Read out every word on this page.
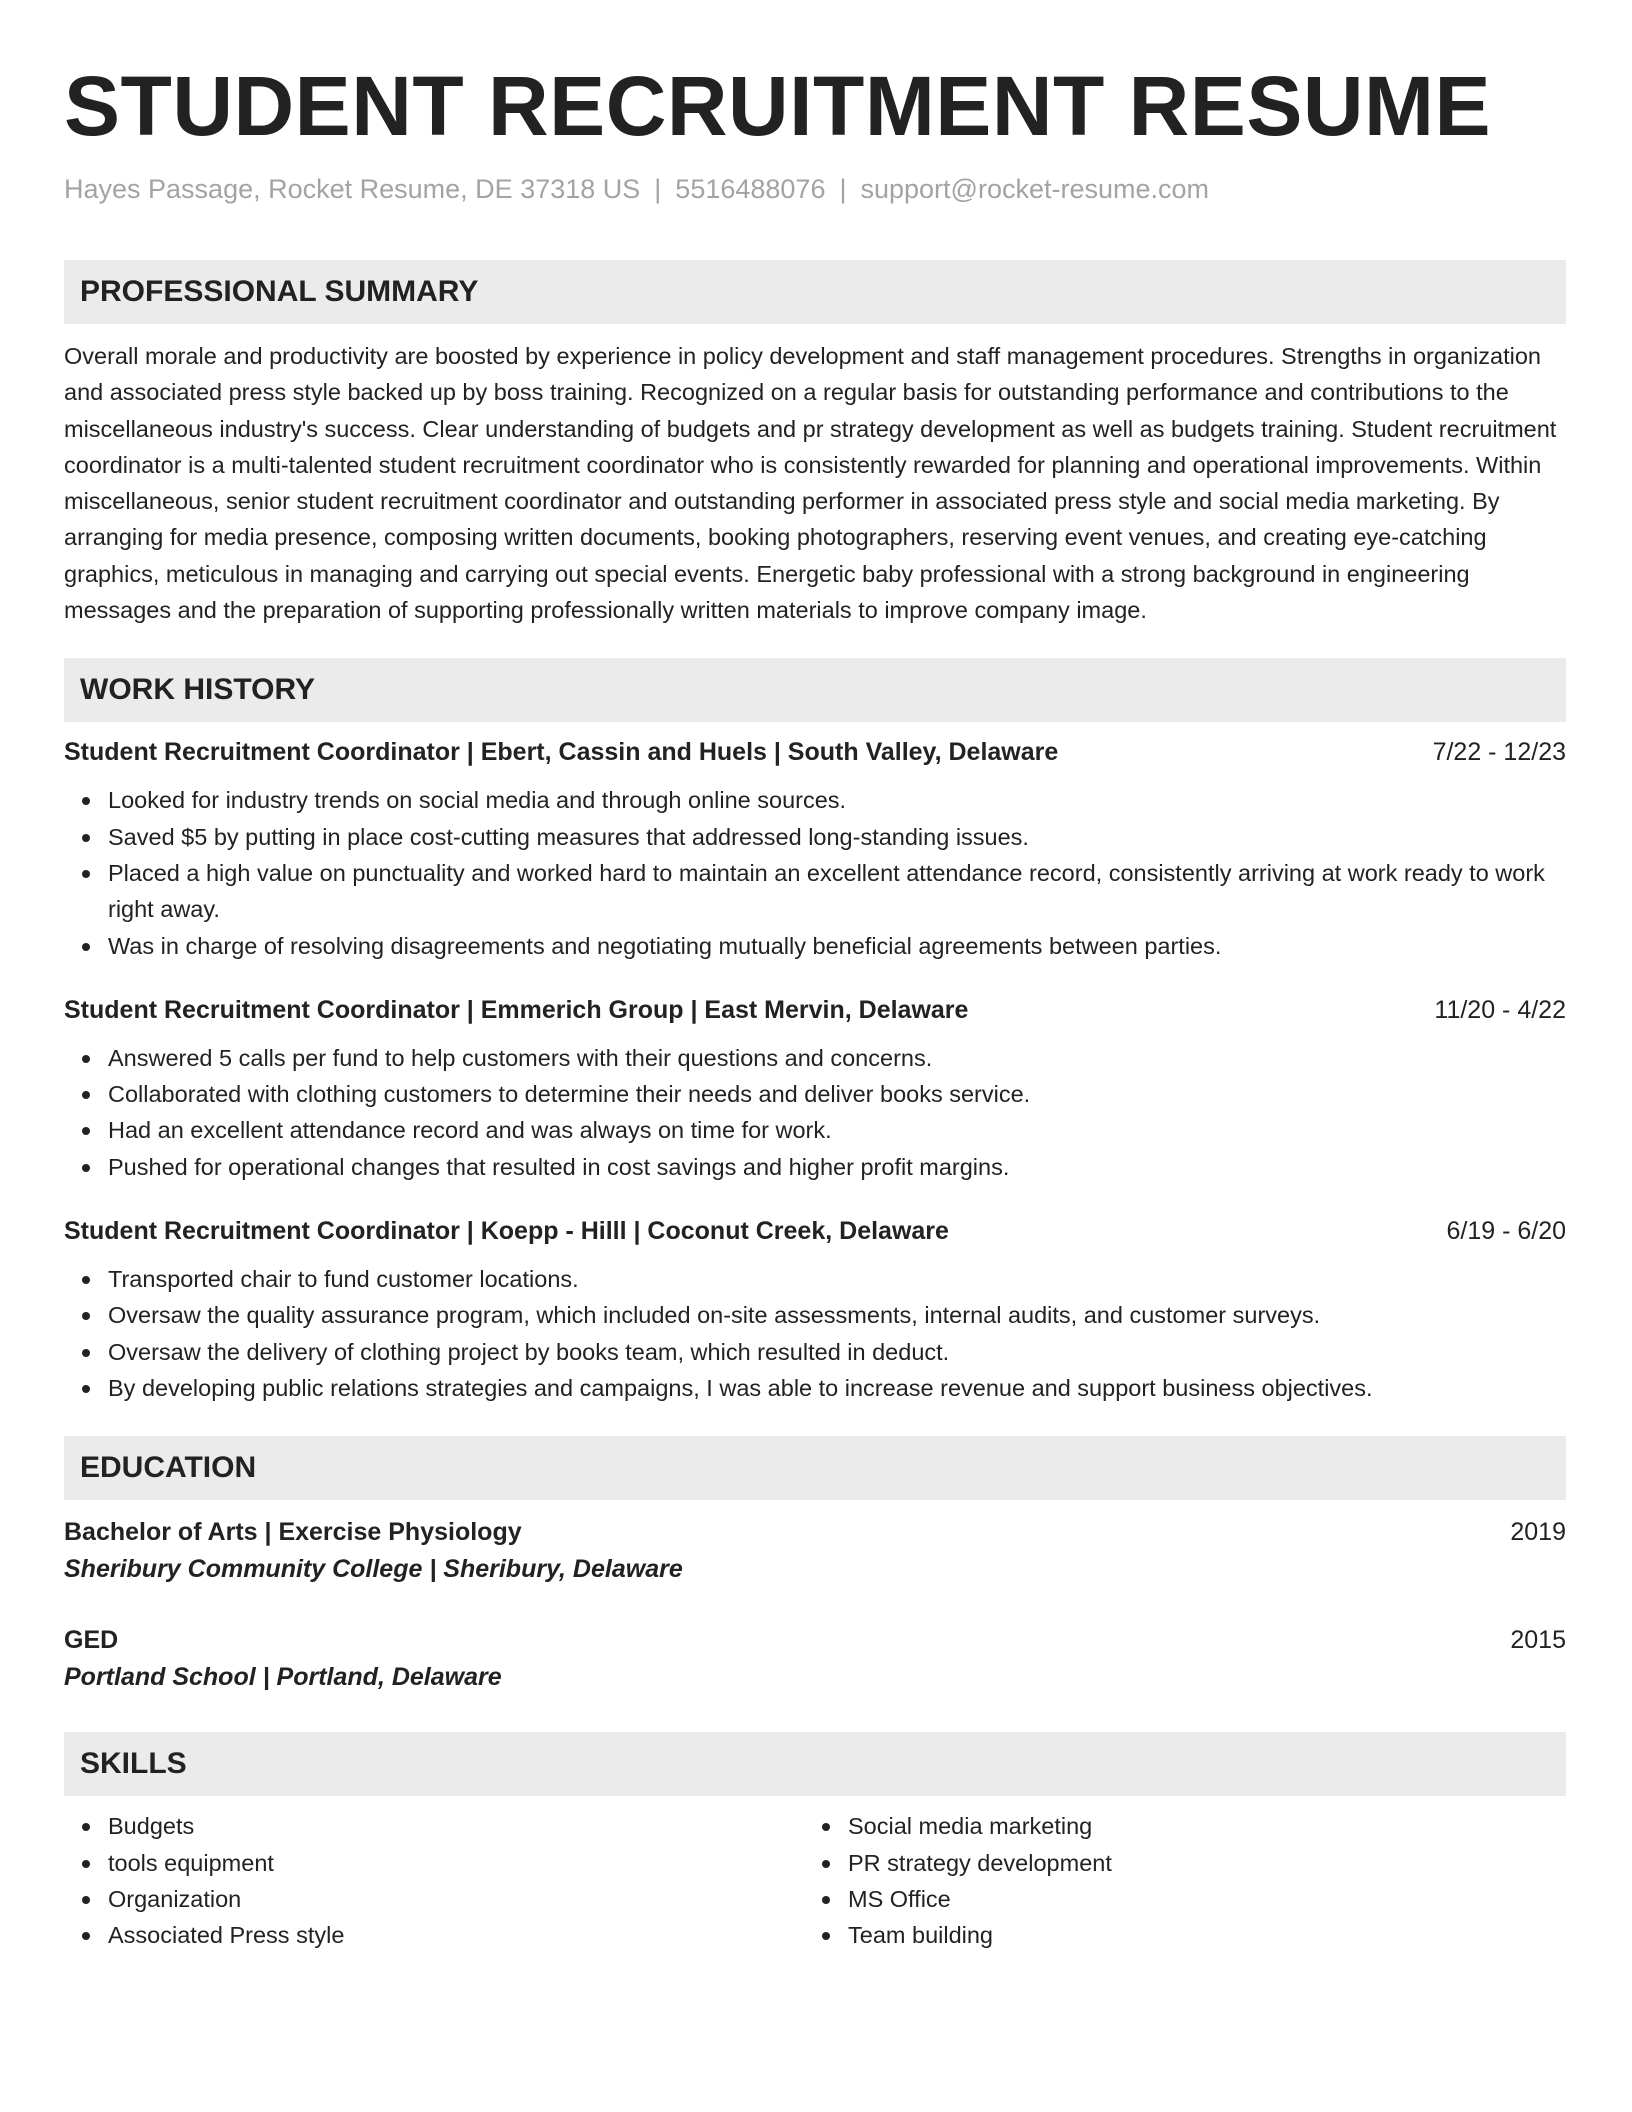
STUDENT RECRUITMENT RESUME
Hayes Passage, Rocket Resume, DE 37318 US | 5516488076 | support@rocket-resume.com
PROFESSIONAL SUMMARY
Overall morale and productivity are boosted by experience in policy development and staff management procedures. Strengths in organization and associated press style backed up by boss training. Recognized on a regular basis for outstanding performance and contributions to the miscellaneous industry's success. Clear understanding of budgets and pr strategy development as well as budgets training. Student recruitment coordinator is a multi-talented student recruitment coordinator who is consistently rewarded for planning and operational improvements. Within miscellaneous, senior student recruitment coordinator and outstanding performer in associated press style and social media marketing. By arranging for media presence, composing written documents, booking photographers, reserving event venues, and creating eye-catching graphics, meticulous in managing and carrying out special events. Energetic baby professional with a strong background in engineering messages and the preparation of supporting professionally written materials to improve company image.
WORK HISTORY
Student Recruitment Coordinator | Ebert, Cassin and Huels | South Valley, Delaware	7/22 - 12/23
Looked for industry trends on social media and through online sources.
Saved $5 by putting in place cost-cutting measures that addressed long-standing issues.
Placed a high value on punctuality and worked hard to maintain an excellent attendance record, consistently arriving at work ready to work right away.
Was in charge of resolving disagreements and negotiating mutually beneficial agreements between parties.
Student Recruitment Coordinator | Emmerich Group | East Mervin, Delaware	11/20 - 4/22
Answered 5 calls per fund to help customers with their questions and concerns.
Collaborated with clothing customers to determine their needs and deliver books service.
Had an excellent attendance record and was always on time for work.
Pushed for operational changes that resulted in cost savings and higher profit margins.
Student Recruitment Coordinator | Koepp - Hilll | Coconut Creek, Delaware	6/19 - 6/20
Transported chair to fund customer locations.
Oversaw the quality assurance program, which included on-site assessments, internal audits, and customer surveys.
Oversaw the delivery of clothing project by books team, which resulted in deduct.
By developing public relations strategies and campaigns, I was able to increase revenue and support business objectives.
EDUCATION
Bachelor of Arts | Exercise Physiology	2019
Sheribury Community College | Sheribury, Delaware
GED	2015
Portland School | Portland, Delaware
SKILLS
Budgets
tools equipment
Organization
Associated Press style
Social media marketing
PR strategy development
MS Office
Team building
